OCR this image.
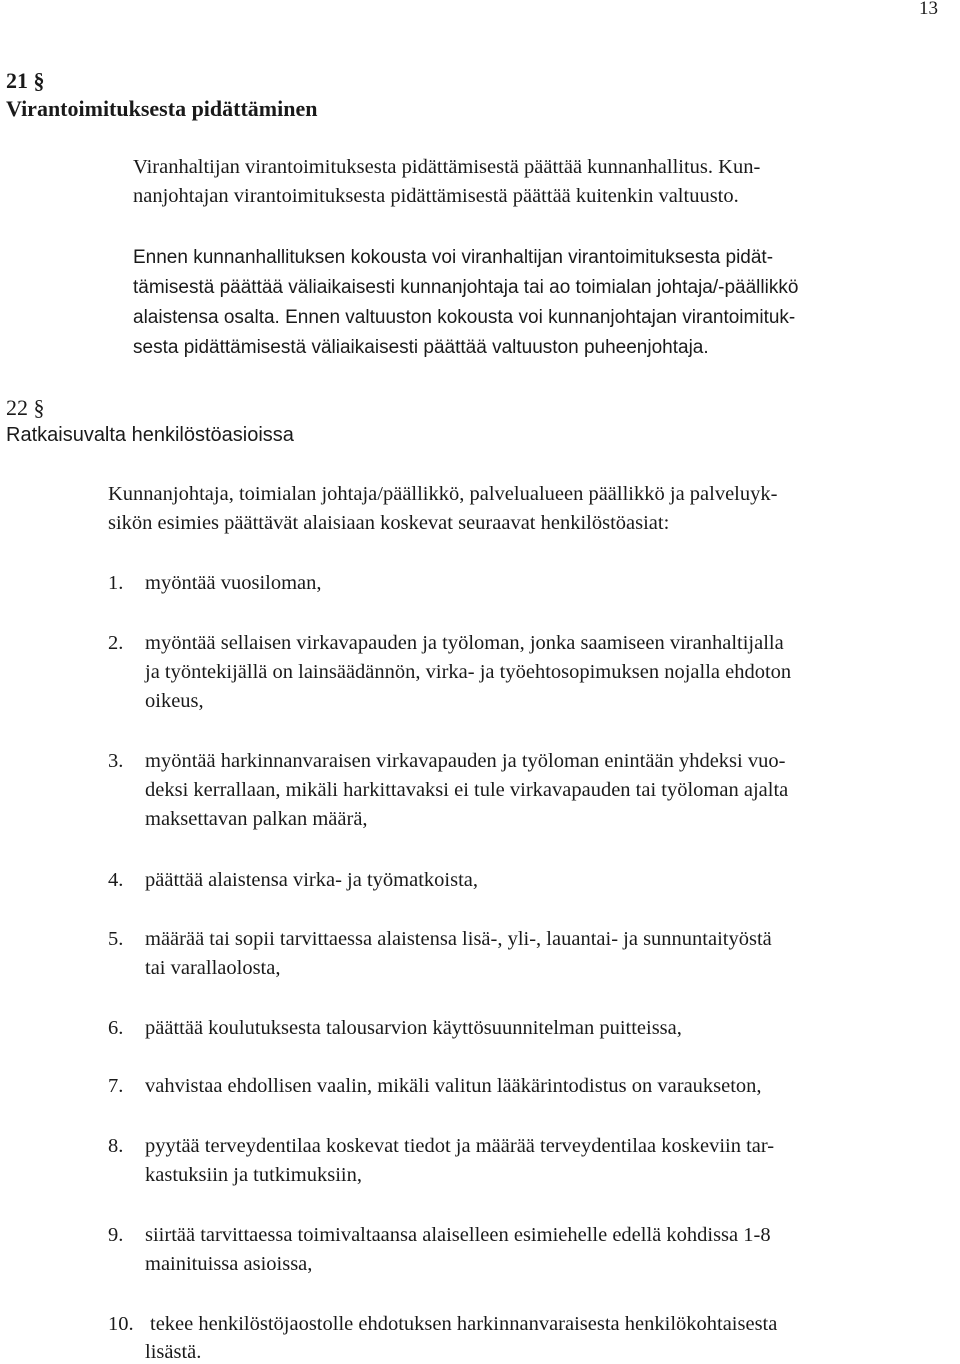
13
21 §
Virantoimituksesta pidättäminen
Viranhaltijan virantoimituksesta pidättämisestä päättää kunnanhallitus. Kun-
nanjohtajan virantoimituksesta pidättämisestä päättää kuitenkin valtuusto.
Ennen kunnanhallituksen kokousta voi viranhaltijan virantoimituksesta pidät-
tämisestä päättää väliaikaisesti kunnanjohtaja tai ao toimialan johtaja/-päällikkö
alaistensa osalta. Ennen valtuuston kokousta voi kunnanjohtajan virantoimituk-
sesta pidättämisestä väliaikaisesti päättää valtuuston puheenjohtaja.
22 §
Ratkaisuvalta henkilöstöasioissa
Kunnanjohtaja, toimialan johtaja/päällikkö, palvelualueen päällikkö ja palveluyk-
sikön esimies päättävät alaisiaan koskevat seuraavat henkilöstöasiat:
1. myöntää vuosiloman,
2. myöntää sellaisen virkavapauden ja työloman, jonka saamiseen viranhaltijalla
ja työntekijällä on lainsäädännön, virka- ja työehtosopimuksen nojalla ehdoton
oikeus,
3. myöntää harkinnanvaraisen virkavapauden ja työloman enintään yhdeksi vuo-
deksi kerrallaan, mikäli harkittavaksi ei tule virkavapauden tai työloman ajalta
maksettavan palkan määrä,
4. päättää alaistensa virka- ja työmatkoista,
5. määrää tai sopii tarvittaessa alaistensa lisä-, yli-, lauantai- ja sunnuntaityöstä
tai varallaolosta,
6. päättää koulutuksesta talousarvion käyttösuunnitelman puitteissa,
7. vahvistaa ehdollisen vaalin, mikäli valitun lääkärintodistus on varaukseton,
8. pyytää terveydentilaa koskevat tiedot ja määrää terveydentilaa koskeviin tar-
kastuksiin ja tutkimuksiin,
9. siirtää tarvittaessa toimivaltaansa alaiselleen esimiehelle edellä kohdissa 1-8
mainituissa asioissa,
10. tekee henkilöstöjaostolle ehdotuksen harkinnanvaraisesta henkilökohtaisesta
lisästä.
